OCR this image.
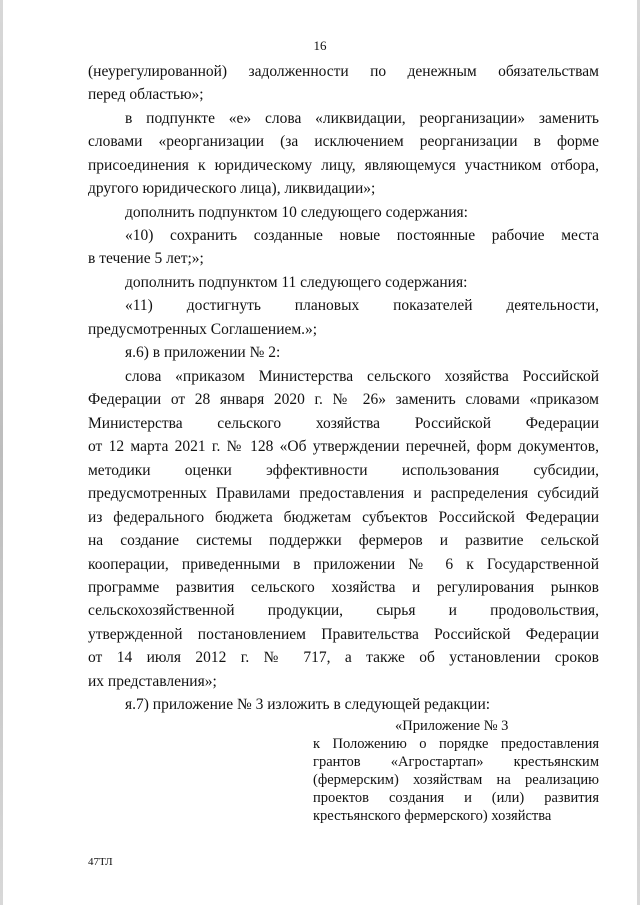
16
(неурегулированной) задолженности по денежным обязательствам
перед областью»;
в подпункте «е» слова «ликвидации, реорганизации» заменить
словами «реорганизации (за исключением реорганизации в форме
присоединения к юридическому лицу, являющемуся участником отбора,
другого юридического лица), ликвидации»;
дополнить подпунктом 10 следующего содержания:
«10) сохранить созданные новые постоянные рабочие места
в течение 5 лет;»;
дополнить подпунктом 11 следующего содержания:
«11) достигнуть плановых показателей деятельности,
предусмотренных Соглашением.»;
я.6) в приложении № 2:
слова «приказом Министерства сельского хозяйства Российской
Федерации от 28 января 2020 г. № 26» заменить словами «приказом
Министерства сельского хозяйства Российской Федерации
от 12 марта 2021 г. № 128 «Об утверждении перечней, форм документов,
методики оценки эффективности использования субсидии,
предусмотренных Правилами предоставления и распределения субсидий
из федерального бюджета бюджетам субъектов Российской Федерации
на создание системы поддержки фермеров и развитие сельской
кооперации, приведенными в приложении № 6 к Государственной
программе развития сельского хозяйства и регулирования рынков
сельскохозяйственной продукции, сырья и продовольствия,
утвержденной постановлением Правительства Российской Федерации
от 14 июля 2012 г. № 717, а также об установлении сроков
их представления»;
я.7) приложение № 3 изложить в следующей редакции:
«Приложение № 3
к Положению о порядке предоставления
грантов «Агростартап» крестьянским
(фермерским) хозяйствам на реализацию
проектов создания и (или) развития
крестьянского фермерского) хозяйства
47ТЛ
